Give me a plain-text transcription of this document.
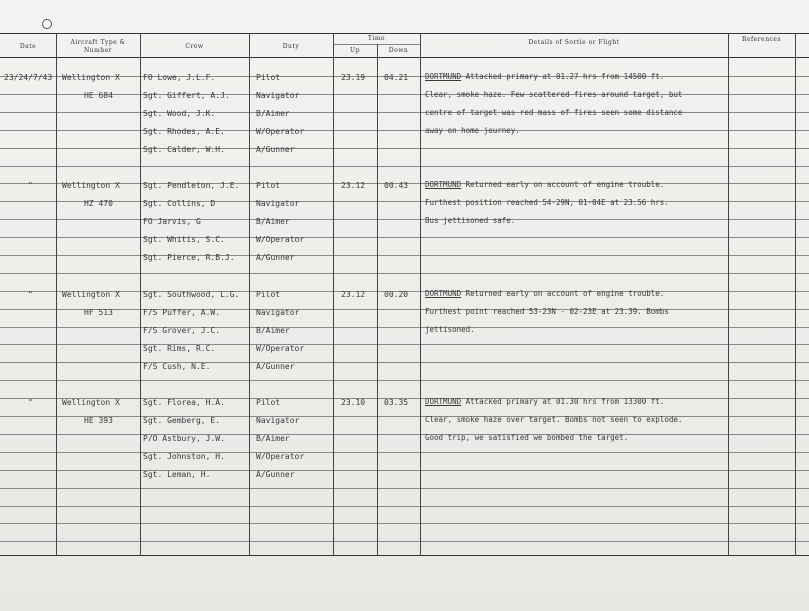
Date
Aircraft Type & Number
Crew	Duty
Time
Up	Down
Details of Sortie or Flight	References
23/24/7/43 Wellington X
HE 684
23.19 04.21
FO Lowe, J.L.F.	Pilot
Sgt. Giffert, A.J.	Navigator
Sgt. Wood, J.K.	B/Aimer
Sgt. Rhodes, A.E.	W/Operator
Sgt. Calder, W.H.	A/Gunner
DORTMUND Attacked primary at 01.27 hrs from 14500 ft.
Clear, smoke haze. Few scattered fires around target, but
centre of target was red mass of fires seen some distance
away on home journey.
"	Wellington X
HZ 470
23.12 00.43
Sgt. Pendleton, J.E. Pilot
Sgt. Collins, D	Navigator
FO Jarvis, G	B/Aimer
Sgt. Whitis, S.C.	W/Operator
Sgt. Pierce, R.B.J.	A/Gunner
DORTMUND Returned early on account of engine trouble.
Furthest position reached 54-29N, 01-04E at 23.56 hrs.
Bus jettisoned safe.
"	Wellington X
HF 513
23.12 00.20
Sgt. Southwood, L.G. Pilot
F/S Puffer, A.W.	Navigator
F/S Grover, J.C.	B/Aimer
Sgt. Rims, R.C.	W/Operator
F/S Cush, N.E.	A/Gunner
DORTMUND Returned early on account of engine trouble.
Furthest point reached 53-23N - 02-23E at 23.39. Bombs
jettisoned.
"	Wellington X
HE 393
23.10 03.35
Sgt. Florea, H.A.	Pilot
Sgt. Gemberg, E.	Navigator
P/O Astbury, J.W.	B/Aimer
Sgt. Johnston, H.	W/Operator
Sgt. Leman, H.	A/Gunner
DORTMUND Attacked primary at 01.30 hrs from 13300 ft.
Clear, smoke haze over target. Bombs not seen to explode.
Good trip, we satisfied we bombed the target.
